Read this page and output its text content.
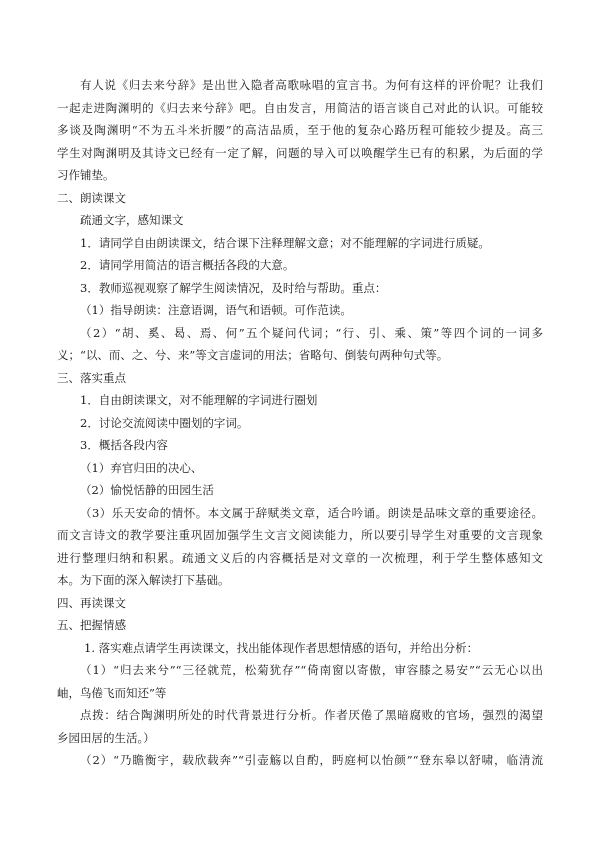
有人说《归去来兮辞》是出世入隐者高歌咏唱的宣言书。为何有这样的评价呢？让我们

一起走进陶渊明的《归去来兮辞》吧。自由发言，用简洁的语言谈自己对此的认识。可能较

多谈及陶渊明“不为五斗米折腰”的高洁品质，至于他的复杂心路历程可能较少提及。高三

学生对陶渊明及其诗文已经有一定了解，问题的导入可以唤醒学生已有的积累，为后面的学

习作铺垫。

二、朗读课文

疏通文字，感知课文

1．请同学自由朗读课文，结合课下注释理解文意；对不能理解的字词进行质疑。

2．请同学用简洁的语言概括各段的大意。

3．教师巡视观察了解学生阅读情况，及时给与帮助。重点：

（1）指导朗读：注意语调，语气和语顿。可作范读。

（2）“胡、奚、曷、焉、何”五个疑问代词；“行、引、乘、策”等四个词的一词多

义；“以、而、之、兮、来”等文言虚词的用法；省略句、倒装句两种句式等。

三、落实重点

1．自由朗读课文，对不能理解的字词进行圈划

2．讨论交流阅读中圈划的字词。

3．概括各段内容

（1）弃官归田的决心、

（2）愉悦恬静的田园生活

（3）乐天安命的情怀。本文属于辞赋类文章，适合吟诵。朗读是品味文章的重要途径。

而文言诗文的教学要注重巩固加强学生文言文阅读能力，所以要引导学生对重要的文言现象

进行整理归纳和积累。疏通文义后的内容概括是对文章的一次梳理，利于学生整体感知文

本。为下面的深入解读打下基础。

四、再读课文

五、把握情感

1. 落实难点请学生再读课文，找出能体现作者思想情感的语句，并给出分析：

（1）“归去来兮”“三径就荒，松菊犹存”“倚南窗以寄傲，审容膝之易安”“云无心以出

岫，鸟倦飞而知还”等

点拨：结合陶渊明所处的时代背景进行分析。作者厌倦了黑暗腐败的官场，强烈的渴望

乡园田居的生活。）

（2）“乃瞻衡宇，载欣载奔”“引壶觞以自酌，眄庭柯以怡颜”“登东皋以舒啸，临清流
